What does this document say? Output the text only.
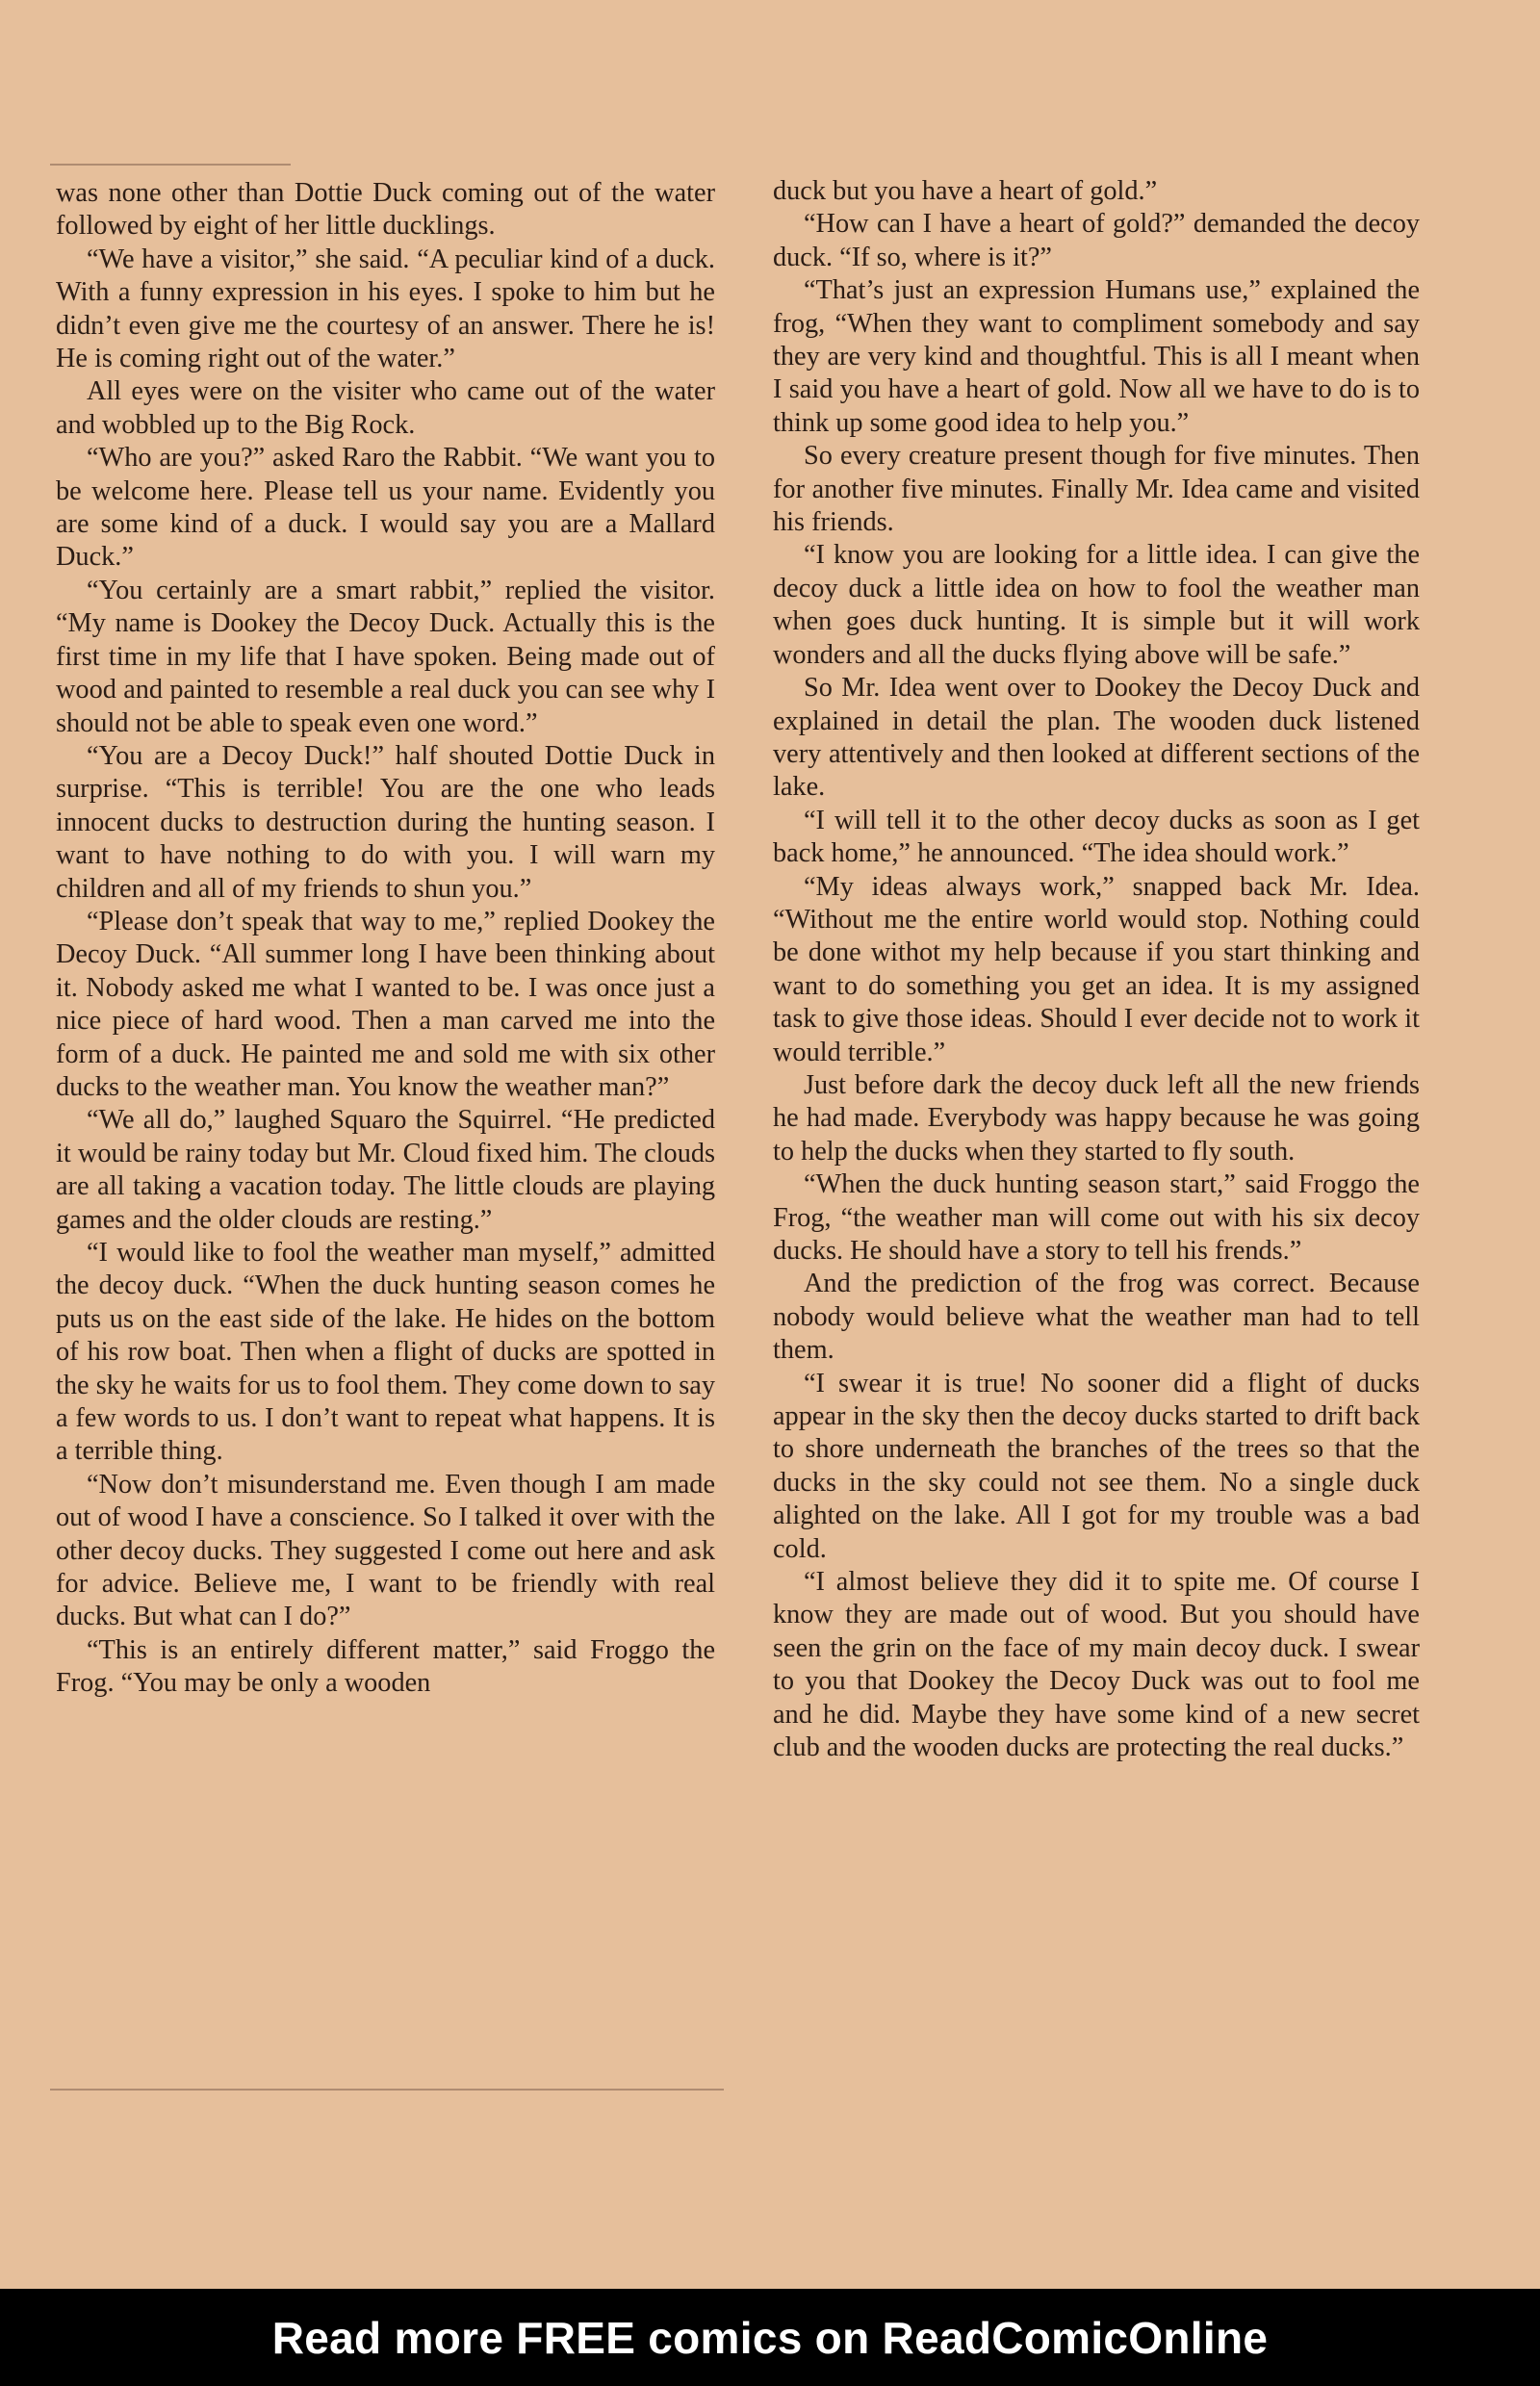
was none other than Dottie Duck coming out of the water followed by eight of her little ducklings.

“We have a visitor,” she said. “A peculiar kind of a duck. With a funny expression in his eyes. I spoke to him but he didn’t even give me the courtesy of an answer. There he is! He is coming right out of the water.”

All eyes were on the visiter who came out of the water and wobbled up to the Big Rock.

“Who are you?” asked Raro the Rabbit. “We want you to be welcome here. Please tell us your name. Evidently you are some kind of a duck. I would say you are a Mallard Duck.”

“You certainly are a smart rabbit,” replied the visitor. “My name is Dookey the Decoy Duck. Actually this is the first time in my life that I have spoken. Being made out of wood and painted to resemble a real duck you can see why I should not be able to speak even one word.”

“You are a Decoy Duck!” half shouted Dottie Duck in surprise. “This is terrible! You are the one who leads innocent ducks to destruction during the hunting season. I want to have nothing to do with you. I will warn my children and all of my friends to shun you.”

“Please don’t speak that way to me,” replied Dookey the Decoy Duck. “All summer long I have been thinking about it. Nobody asked me what I wanted to be. I was once just a nice piece of hard wood. Then a man carved me into the form of a duck. He painted me and sold me with six other ducks to the weather man. You know the weather man?”

“We all do,” laughed Squaro the Squirrel. “He predicted it would be rainy today but Mr. Cloud fixed him. The clouds are all taking a vacation today. The little clouds are playing games and the older clouds are resting.”

“I would like to fool the weather man myself,” admitted the decoy duck. “When the duck hunting season comes he puts us on the east side of the lake. He hides on the bottom of his row boat. Then when a flight of ducks are spotted in the sky he waits for us to fool them. They come down to say a few words to us. I don’t want to repeat what happens. It is a terrible thing.

“Now don’t misunderstand me. Even though I am made out of wood I have a conscience. So I talked it over with the other decoy ducks. They suggested I come out here and ask for advice. Believe me, I want to be friendly with real ducks. But what can I do?”

“This is an entirely different matter,” said Froggo the Frog. “You may be only a wooden

duck but you have a heart of gold.”

“How can I have a heart of gold?” demanded the decoy duck. “If so, where is it?”

“That’s just an expression Humans use,” explained the frog, “When they want to compliment somebody and say they are very kind and thoughtful. This is all I meant when I said you have a heart of gold. Now all we have to do is to think up some good idea to help you.”

So every creature present though for five minutes. Then for another five minutes. Finally Mr. Idea came and visited his friends.

“I know you are looking for a little idea. I can give the decoy duck a little idea on how to fool the weather man when goes duck hunting. It is simple but it will work wonders and all the ducks flying above will be safe.”

So Mr. Idea went over to Dookey the Decoy Duck and explained in detail the plan. The wooden duck listened very attentively and then looked at different sections of the lake.

“I will tell it to the other decoy ducks as soon as I get back home,” he announced. “The idea should work.”

“My ideas always work,” snapped back Mr. Idea. “Without me the entire world would stop. Nothing could be done withot my help because if you start thinking and want to do something you get an idea. It is my assigned task to give those ideas. Should I ever decide not to work it would terrible.”

Just before dark the decoy duck left all the new friends he had made. Everybody was happy because he was going to help the ducks when they started to fly south.

“When the duck hunting season start,” said Froggo the Frog, “the weather man will come out with his six decoy ducks. He should have a story to tell his frends.”

And the prediction of the frog was correct. Because nobody would believe what the weather man had to tell them.

“I swear it is true! No sooner did a flight of ducks appear in the sky then the decoy ducks started to drift back to shore underneath the branches of the trees so that the ducks in the sky could not see them. No a single duck alighted on the lake. All I got for my trouble was a bad cold.

“I almost believe they did it to spite me. Of course I know they are made out of wood. But you should have seen the grin on the face of my main decoy duck. I swear to you that Dookey the Decoy Duck was out to fool me and he did. Maybe they have some kind of a new secret club and the wooden ducks are protecting the real ducks.”

Read more FREE comics on ReadComicOnline
